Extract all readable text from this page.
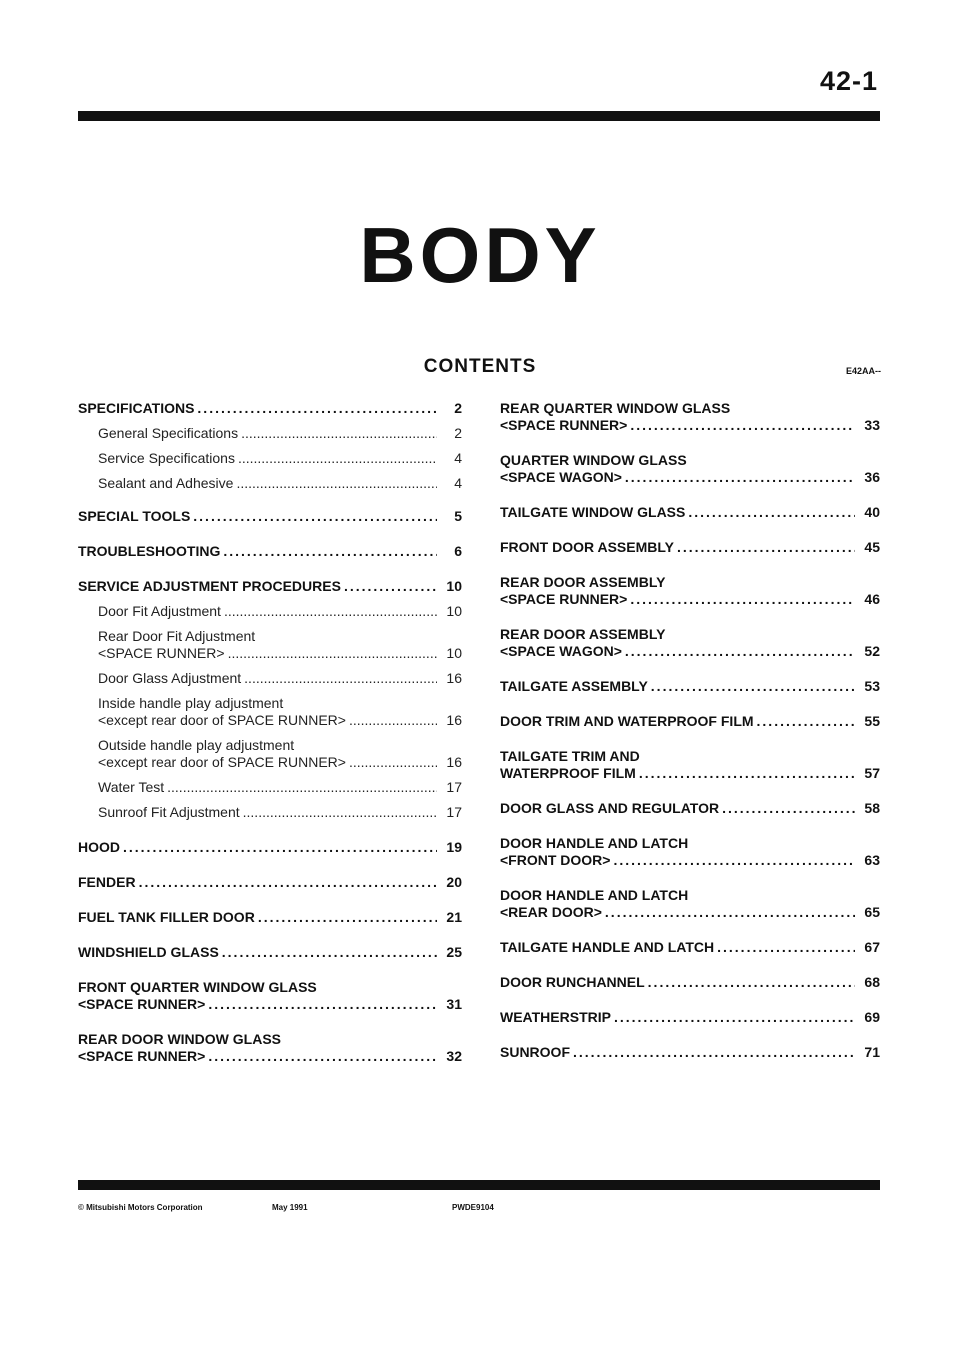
42-1
BODY
CONTENTS	E42AA--
SPECIFICATIONS .....	2
General Specifications .....	2
Service Specifications .....	4
Sealant and Adhesive .....	4
SPECIAL TOOLS .....	5
TROUBLESHOOTING .....	6
SERVICE ADJUSTMENT PROCEDURES .....	10
Door Fit Adjustment .....	10
Rear Door Fit Adjustment
<SPACE RUNNER> .....	10
Door Glass Adjustment .....	16
Inside handle play adjustment
<except rear door of SPACE RUNNER> .....	16
Outside handle play adjustment
<except rear door of SPACE RUNNER> .....	16
Water Test .....	17
Sunroof Fit Adjustment .....	17
HOOD .....	19
FENDER .....	20
FUEL TANK FILLER DOOR .....	21
WINDSHIELD GLASS .....	25
FRONT QUARTER WINDOW GLASS
<SPACE RUNNER> .....	31
REAR DOOR WINDOW GLASS
<SPACE RUNNER> .....	32
REAR QUARTER WINDOW GLASS
<SPACE RUNNER> .....	33
QUARTER WINDOW GLASS
<SPACE WAGON> .....	36
TAILGATE WINDOW GLASS .....	40
FRONT DOOR ASSEMBLY .....	45
REAR DOOR ASSEMBLY
<SPACE RUNNER> .....	46
REAR DOOR ASSEMBLY
<SPACE WAGON> .....	52
TAILGATE ASSEMBLY .....	53
DOOR TRIM AND WATERPROOF FILM .....	55
TAILGATE TRIM AND
WATERPROOF FILM .....	57
DOOR GLASS AND REGULATOR .....	58
DOOR HANDLE AND LATCH
<FRONT DOOR> .....	63
DOOR HANDLE AND LATCH
<REAR DOOR> .....	65
TAILGATE HANDLE AND LATCH .....	67
DOOR RUNCHANNEL .....	68
WEATHERSTRIP .....	69
SUNROOF .....	71
© Mitsubishi Motors Corporation	May 1991	PWDE9104
